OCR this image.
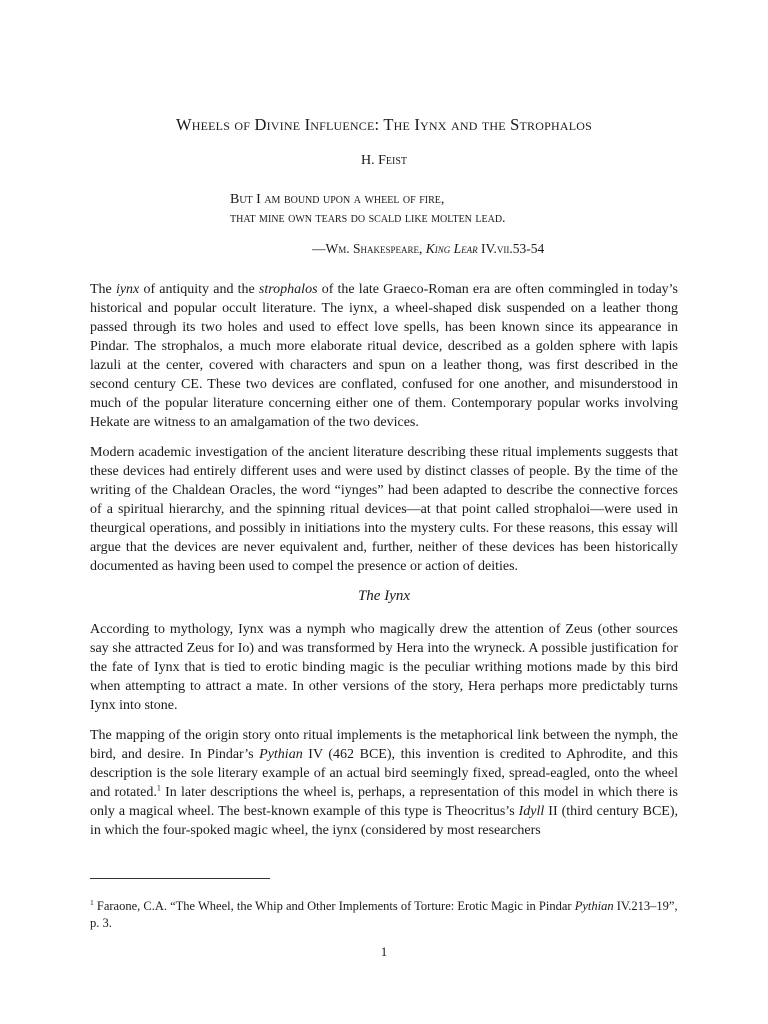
Wheels of Divine Influence: The Iynx and the Strophalos
H. Feist
But I am bound upon a wheel of fire,
that mine own tears do scald like molten lead.
—Wm. Shakespeare, King Lear IV.vii.53-54

The iynx of antiquity and the strophalos of the late Graeco-Roman era are often commingled in today’s historical and popular occult literature. The iynx, a wheel-shaped disk suspended on a leather thong passed through its two holes and used to effect love spells, has been known since its appearance in Pindar. The strophalos, a much more elaborate ritual device, described as a golden sphere with lapis lazuli at the center, covered with characters and spun on a leather thong, was first described in the second century CE. These two devices are conflated, confused for one another, and misunderstood in much of the popular literature concerning either one of them. Contemporary popular works involving Hekate are witness to an amalgamation of the two devices.

Modern academic investigation of the ancient literature describing these ritual implements suggests that these devices had entirely different uses and were used by distinct classes of people. By the time of the writing of the Chaldean Oracles, the word “iynges” had been adapted to describe the connective forces of a spiritual hierarchy, and the spinning ritual devices—at that point called strophaloi—were used in theurgical operations, and possibly in initiations into the mystery cults. For these reasons, this essay will argue that the devices are never equivalent and, further, neither of these devices has been historically documented as having been used to compel the presence or action of deities.

The Iynx

According to mythology, Iynx was a nymph who magically drew the attention of Zeus (other sources say she attracted Zeus for Io) and was transformed by Hera into the wryneck. A possible justification for the fate of Iynx that is tied to erotic binding magic is the peculiar writhing motions made by this bird when attempting to attract a mate. In other versions of the story, Hera perhaps more predictably turns Iynx into stone.

The mapping of the origin story onto ritual implements is the metaphorical link between the nymph, the bird, and desire. In Pindar’s Pythian IV (462 BCE), this invention is credited to Aphrodite, and this description is the sole literary example of an actual bird seemingly fixed, spread-eagled, onto the wheel and rotated.$^1$ In later descriptions the wheel is, perhaps, a representation of this model in which there is only a magical wheel. The best-known example of this type is Theocritus’s Idyll II (third century BCE), in which the four-spoked magic wheel, the iynx (considered by most researchers

$^1$ Faraone, C.A. “The Wheel, the Whip and Other Implements of Torture: Erotic Magic in Pindar Pythian IV.213–19”, p. 3.
1
